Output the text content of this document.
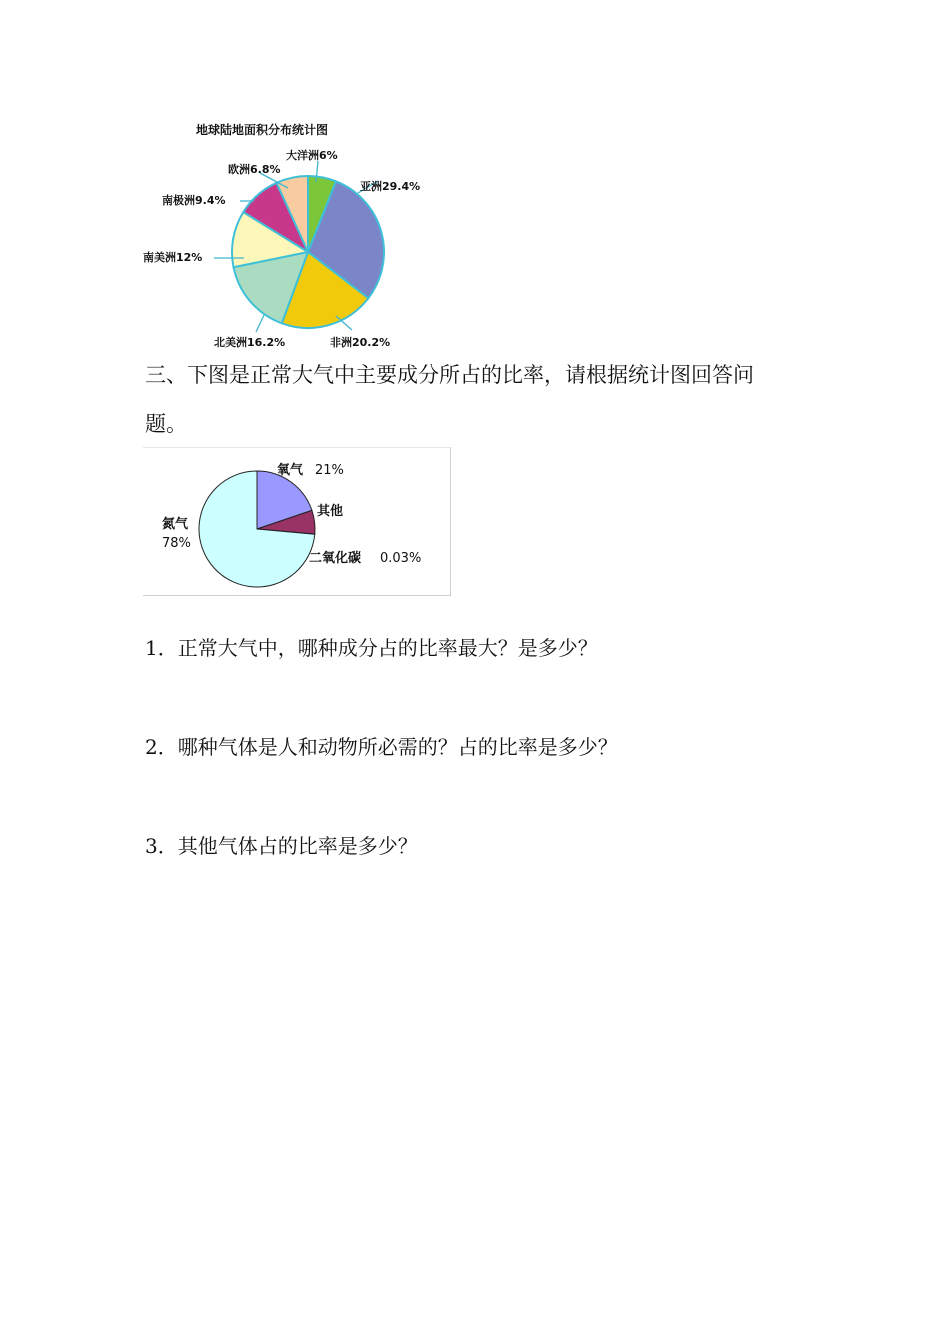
地球陆地面积分布统计图
大洋洲6%
亚洲29.4%
非洲20.2%
北美洲16.2%
南美洲12%
南极洲9.4%
欧洲6.8%
三、下图是正常大气中主要成分所占的比率，请根据统计图回答问
题。
氧气 21%
其他
二氧化碳 0.03%
氮气
78%
1．正常大气中，哪种成分占的比率最大？是多少？
2．哪种气体是人和动物所必需的？占的比率是多少？
3．其他气体占的比率是多少？
